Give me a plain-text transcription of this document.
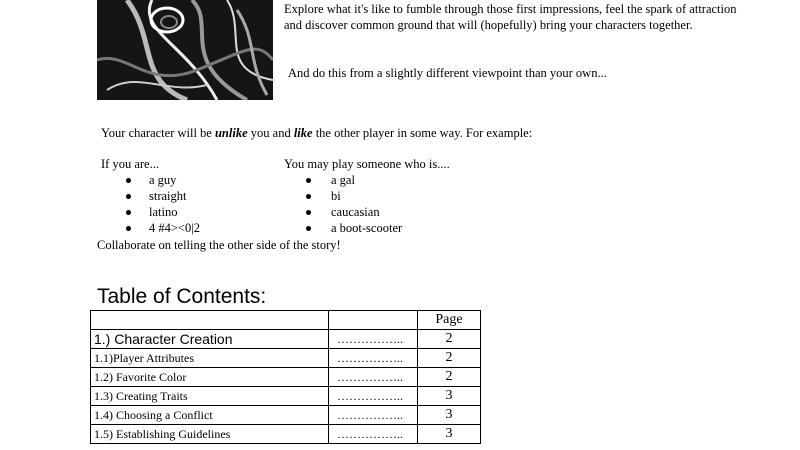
Explore what it's like to fumble through those first impressions, feel the spark of attraction and discover common ground that will (hopefully) bring your characters together.
And do this from a slightly different viewpoint than your own...
Your character will be unlike you and like the other player in some way. For example:
If you are...
a guy
straight
latino
4 #4><0|2
You may play someone who is....
a gal
bi
caucasian
a boot-scooter
Collaborate on telling the other side of the story!
Table of Contents:
		Page
1.) Character Creation	……………..	2
1.1)Player Attributes	……………..	2
1.2) Favorite Color	……………..	2
1.3) Creating Traits	……………..	3
1.4) Choosing a Conflict	……………..	3
1.5) Establishing Guidelines	……………..	3
